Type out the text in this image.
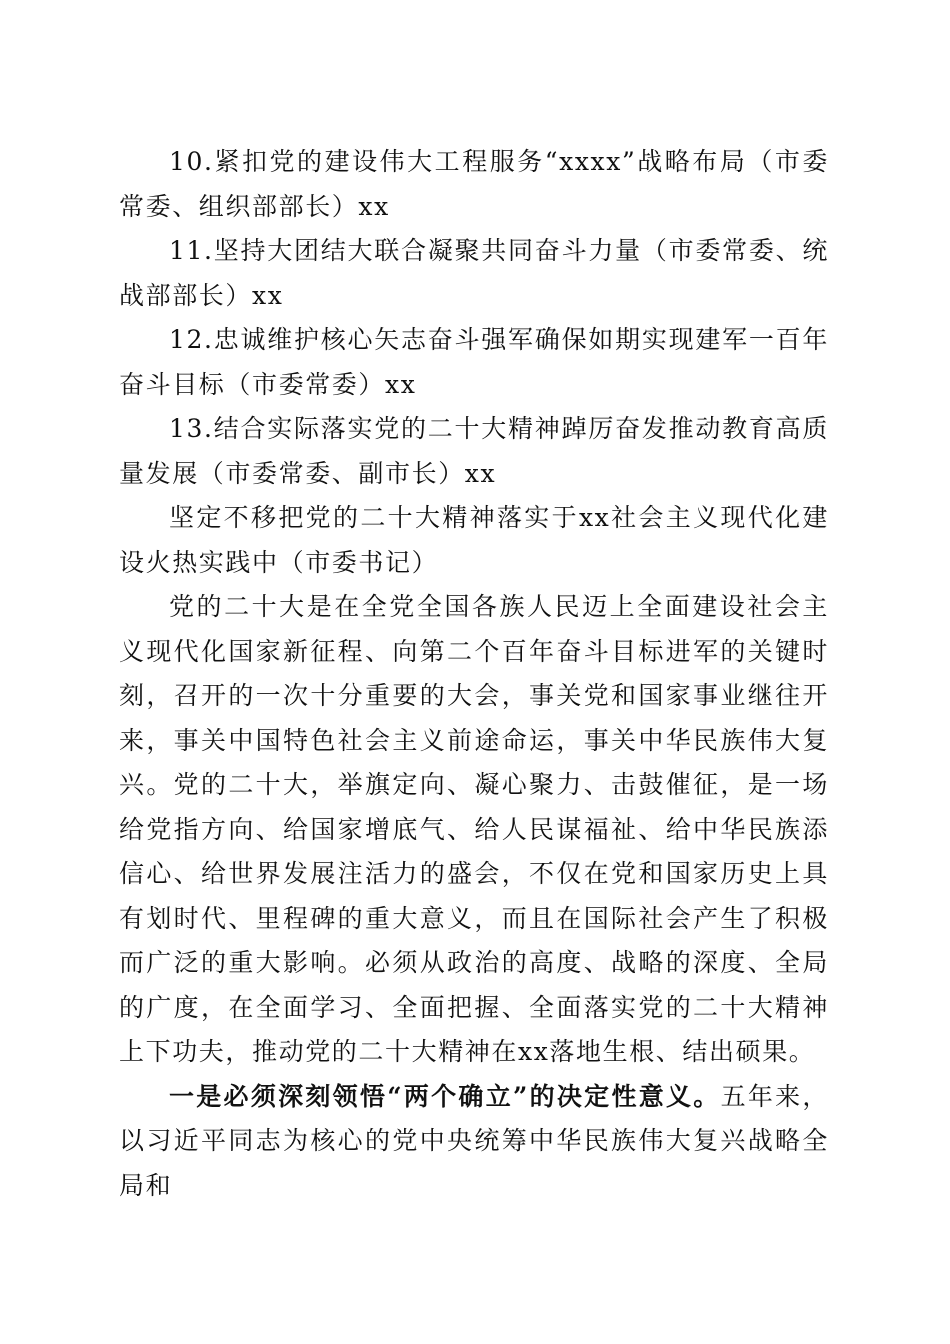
10.紧扣党的建设伟大工程服务“xxxx”战略布局（市委常委、组织部部长）xx

11.坚持大团结大联合凝聚共同奋斗力量（市委常委、统战部部长）xx

12.忠诚维护核心矢志奋斗强军确保如期实现建军一百年奋斗目标（市委常委）xx

13.结合实际落实党的二十大精神踔厉奋发推动教育高质量发展（市委常委、副市长）xx

坚定不移把党的二十大精神落实于xx社会主义现代化建设火热实践中（市委书记）

党的二十大是在全党全国各族人民迈上全面建设社会主义现代化国家新征程、向第二个百年奋斗目标进军的关键时刻，召开的一次十分重要的大会，事关党和国家事业继往开来，事关中国特色社会主义前途命运，事关中华民族伟大复兴。党的二十大，举旗定向、凝心聚力、击鼓催征，是一场给党指方向、给国家增底气、给人民谋福祉、给中华民族添信心、给世界发展注活力的盛会，不仅在党和国家历史上具有划时代、里程碑的重大意义，而且在国际社会产生了积极而广泛的重大影响。必须从政治的高度、战略的深度、全局的广度，在全面学习、全面把握、全面落实党的二十大精神上下功夫，推动党的二十大精神在xx落地生根、结出硕果。

一是必须深刻领悟“两个确立”的决定性意义。五年来，以习近平同志为核心的党中央统筹中华民族伟大复兴战略全局和
